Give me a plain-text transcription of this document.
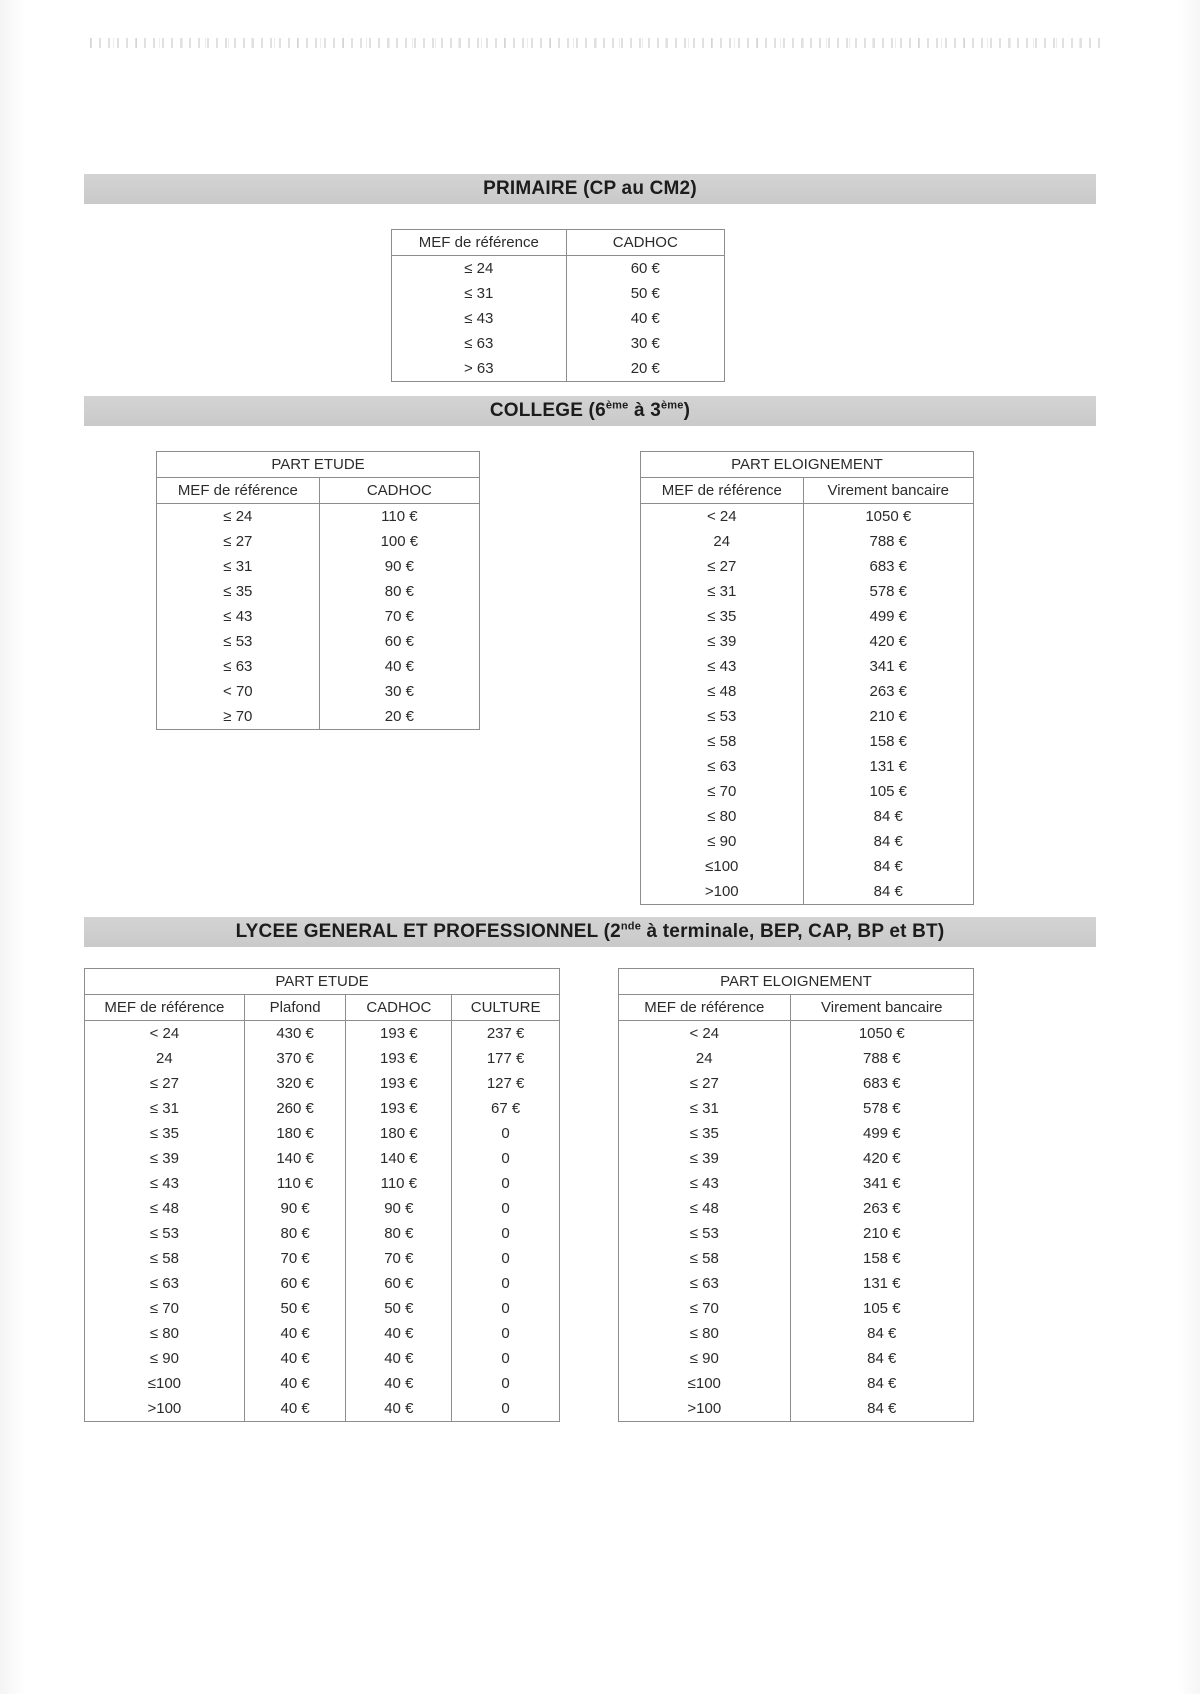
PRIMAIRE (CP au CM2)
MEF de référence	CADHOC
≤ 24	60 €
≤ 31	50 €
≤ 43	40 €
≤ 63	30 €
> 63	20 €
COLLEGE (6ème à 3ème)
PART ETUDE	
MEF de référence	CADHOC
≤ 24	110 €
≤ 27	100 €
≤ 31	90 €
≤ 35	80 €
≤ 43	70 €
≤ 53	60 €
≤ 63	40 €
< 70	30 €
≥ 70	20 €
PART ELOIGNEMENT	
MEF de référence	Virement bancaire
< 24	1050 €
24	788 €
≤ 27	683 €
≤ 31	578 €
≤ 35	499 €
≤ 39	420 €
≤ 43	341 €
≤ 48	263 €
≤ 53	210 €
≤ 58	158 €
≤ 63	131 €
≤ 70	105 €
≤ 80	84 €
≤ 90	84 €
≤100	84 €
>100	84 €
LYCEE GENERAL ET PROFESSIONNEL (2nde à terminale, BEP, CAP, BP et BT)
PART ETUDE			
MEF de référence	Plafond	CADHOC	CULTURE
< 24	430 €	193 €	237 €
24	370 €	193 €	177 €
≤ 27	320 €	193 €	127 €
≤ 31	260 €	193 €	67 €
≤ 35	180 €	180 €	0
≤ 39	140 €	140 €	0
≤ 43	110 €	110 €	0
≤ 48	90 €	90 €	0
≤ 53	80 €	80 €	0
≤ 58	70 €	70 €	0
≤ 63	60 €	60 €	0
≤ 70	50 €	50 €	0
≤ 80	40 €	40 €	0
≤ 90	40 €	40 €	0
≤100	40 €	40 €	0
>100	40 €	40 €	0
PART ELOIGNEMENT	
MEF de référence	Virement bancaire
< 24	1050 €
24	788 €
≤ 27	683 €
≤ 31	578 €
≤ 35	499 €
≤ 39	420 €
≤ 43	341 €
≤ 48	263 €
≤ 53	210 €
≤ 58	158 €
≤ 63	131 €
≤ 70	105 €
≤ 80	84 €
≤ 90	84 €
≤100	84 €
>100	84 €
